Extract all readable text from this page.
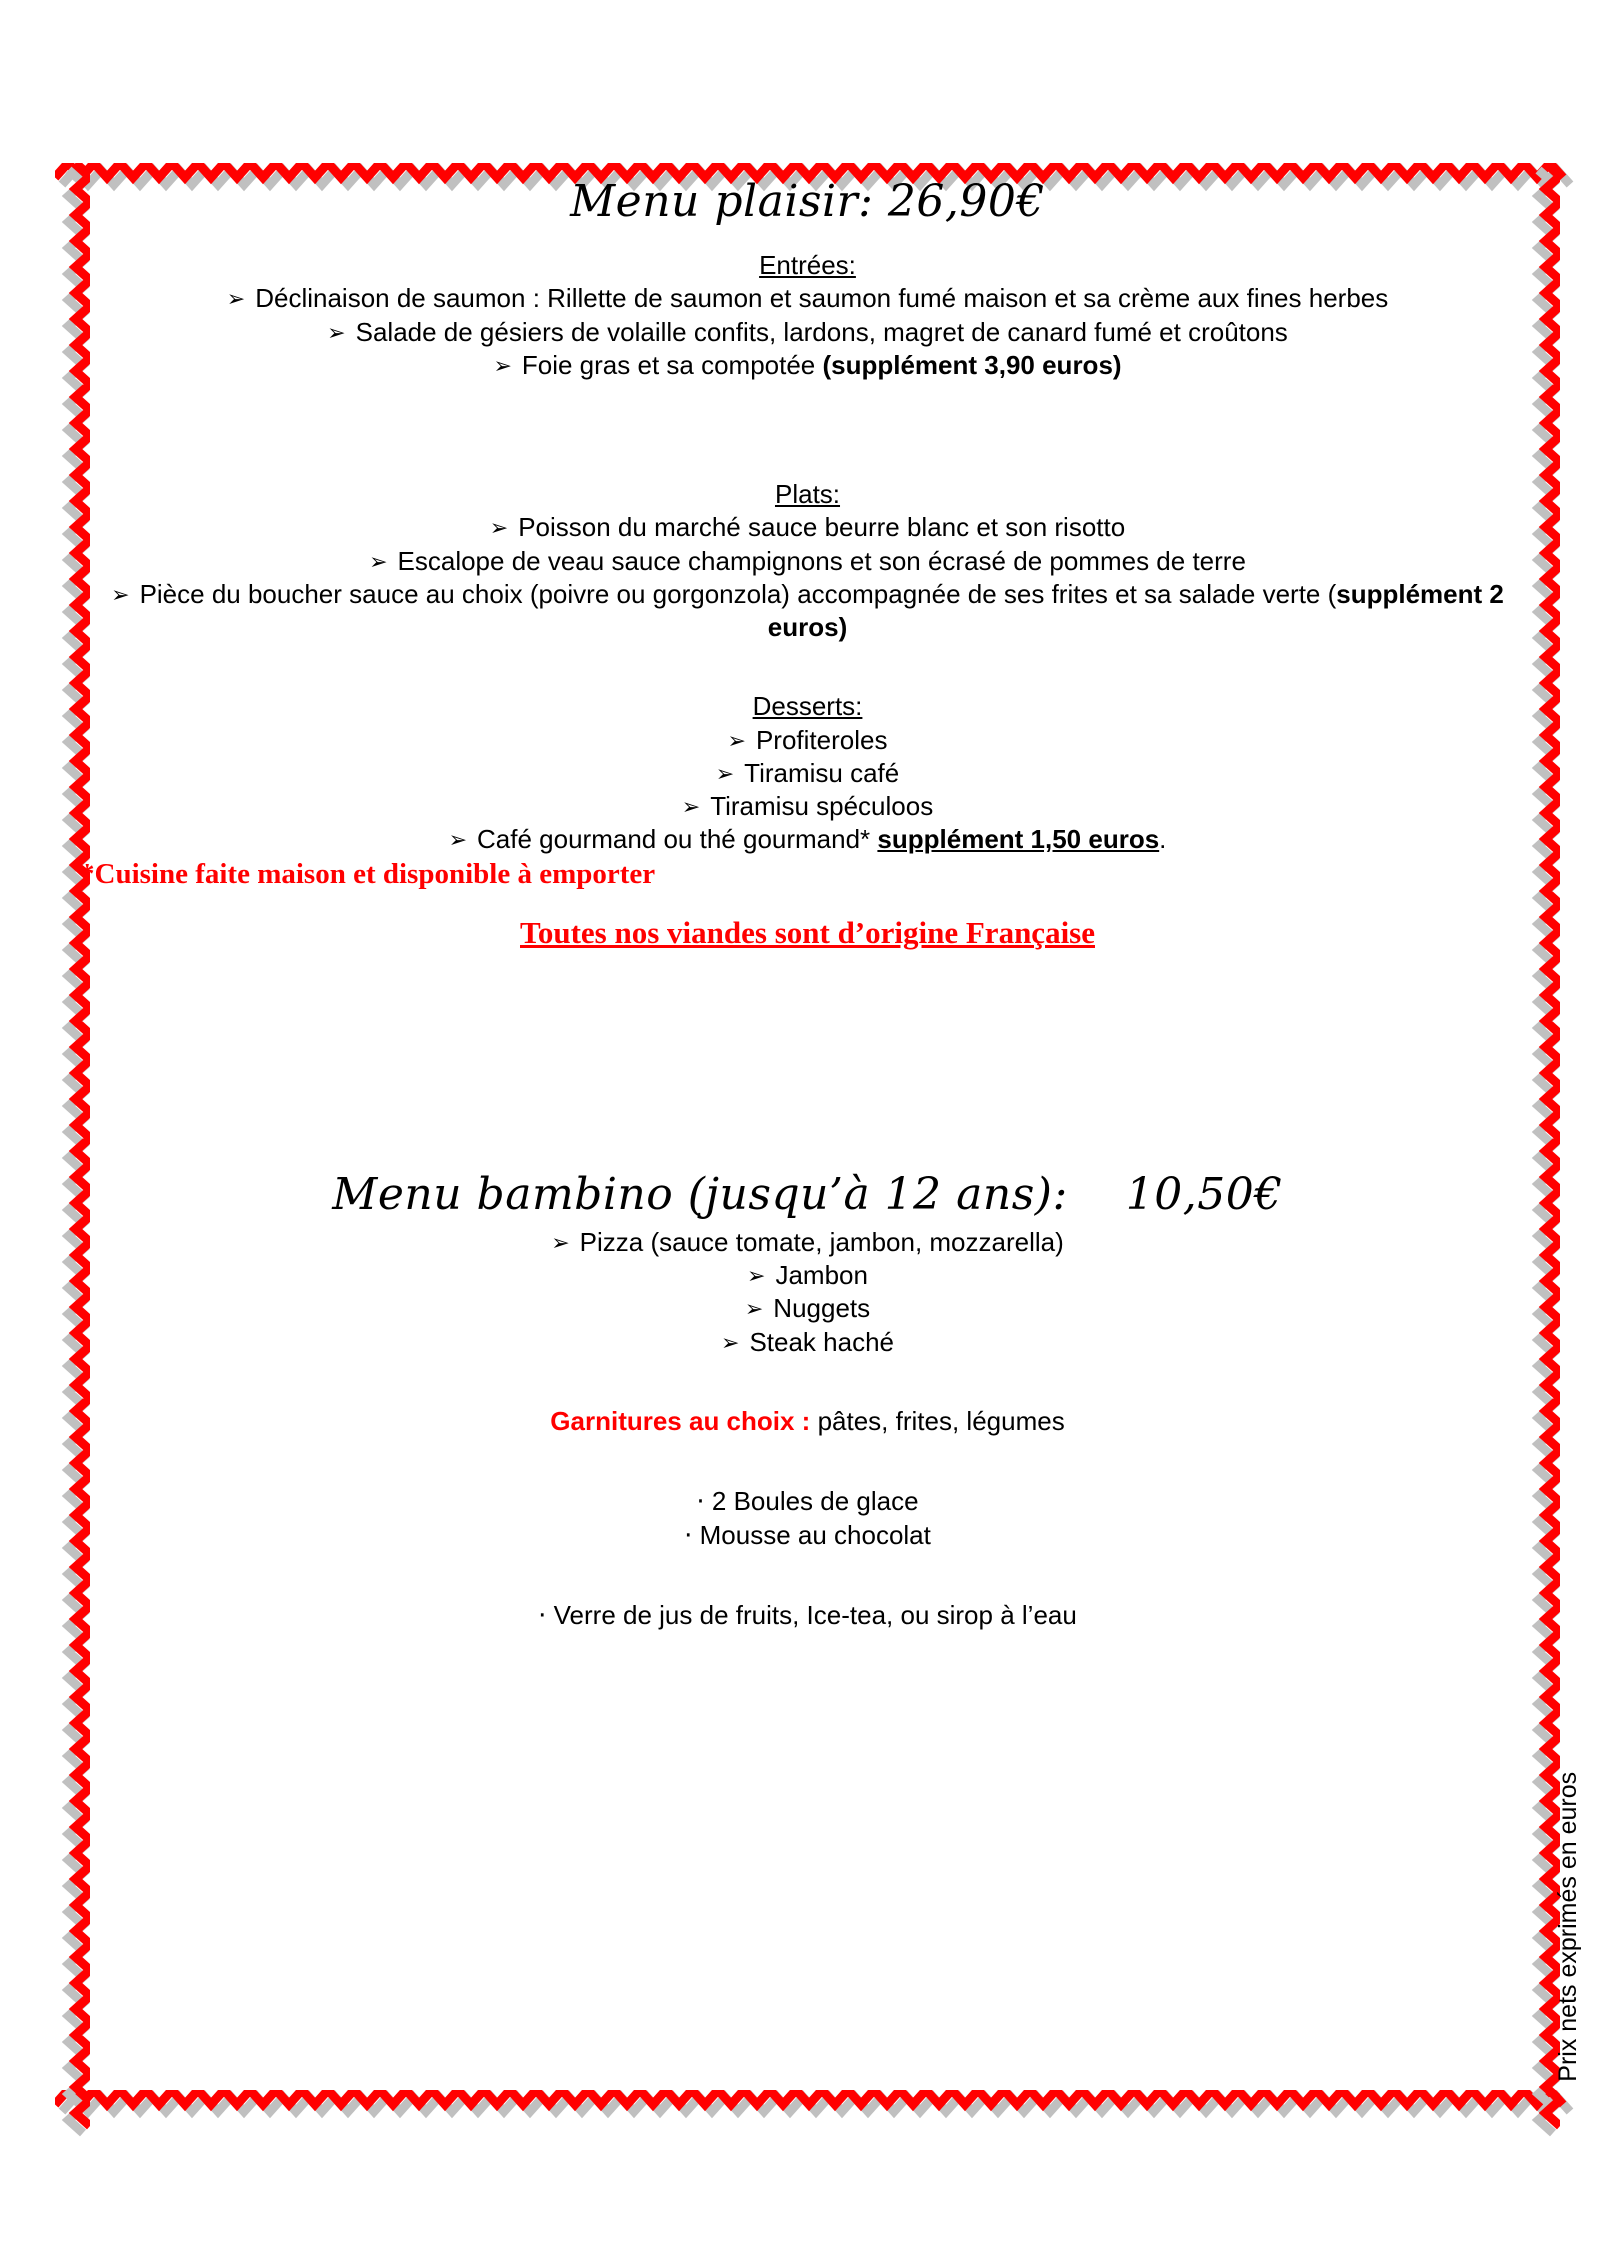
Menu plaisir: 26,90€
Entrées:
➢ Déclinaison de saumon : Rillette de saumon et saumon fumé maison et sa crème aux fines herbes
➢ Salade de gésiers de volaille confits, lardons, magret de canard fumé et croûtons
➢ Foie gras et sa compotée (supplément 3,90 euros)
Plats:
➢ Poisson du marché sauce beurre blanc et son risotto
➢ Escalope de veau sauce champignons et son écrasé de pommes de terre
➢ Pièce du boucher sauce au choix (poivre ou gorgonzola) accompagnée de ses frites et sa salade verte (supplément 2 euros)
Desserts:
➢ Profiteroles
➢ Tiramisu café
➢ Tiramisu spéculoos
➢ Café gourmand ou thé gourmand* supplément 1,50 euros.
*Cuisine faite maison et disponible à emporter
Toutes nos viandes sont d’origine Française
Menu bambino (jusqu’à 12 ans):    10,50€
➢ Pizza (sauce tomate, jambon, mozzarella)
➢ Jambon
➢ Nuggets
➢ Steak haché
Garnitures au choix : pâtes, frites, légumes
· 2 Boules de glace
· Mousse au chocolat
· Verre de jus de fruits, Ice-tea, ou sirop à l’eau
Prix nets exprimés en euros
